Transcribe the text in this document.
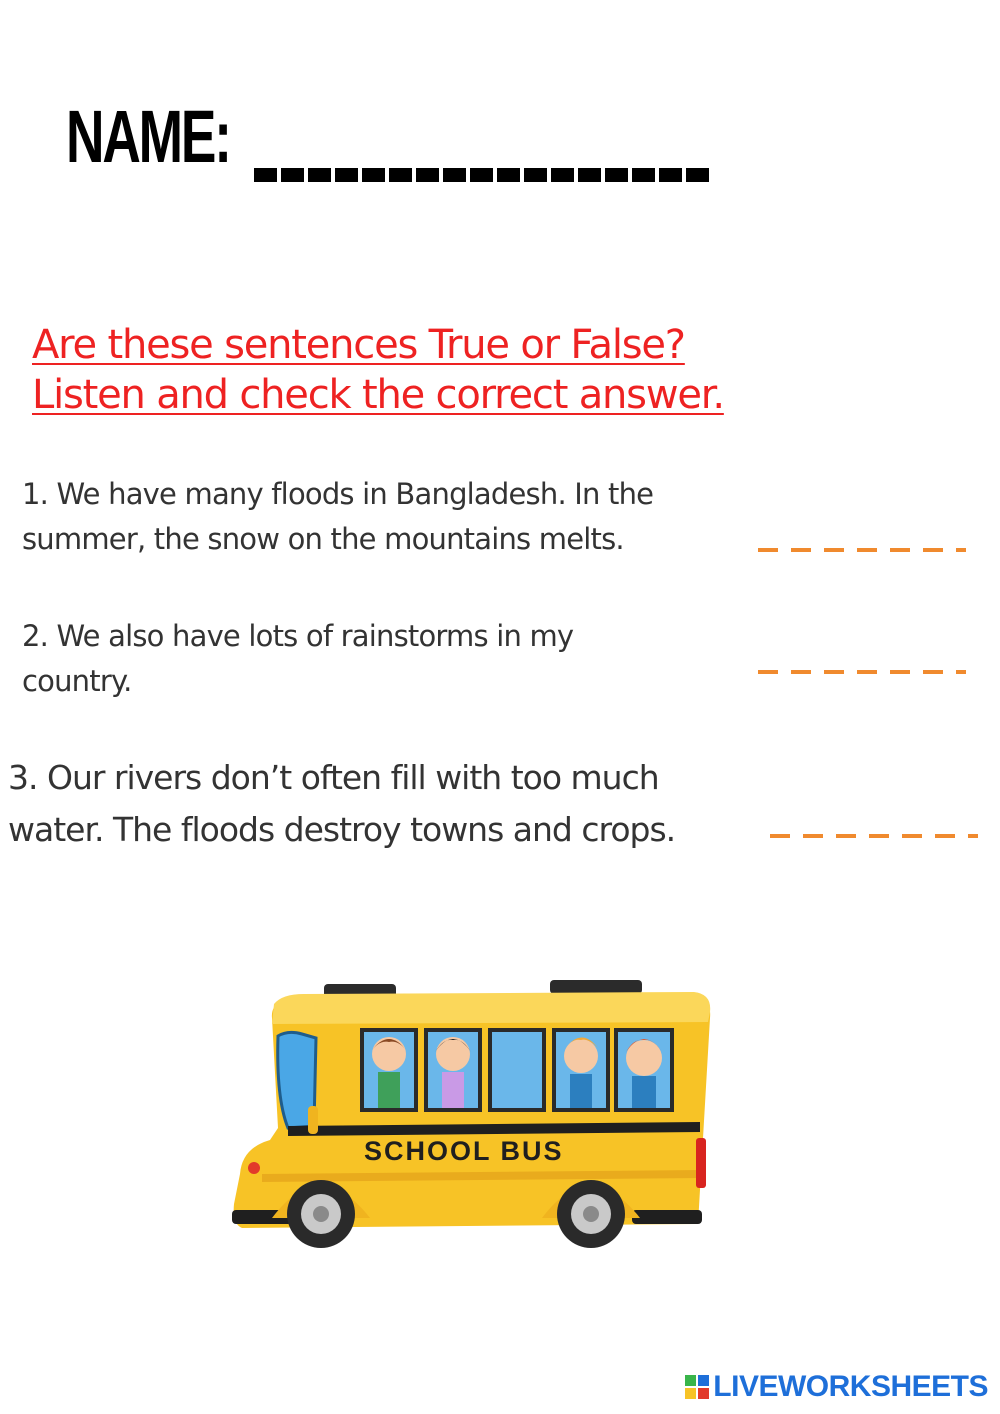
NAME:
Are these sentences True or False?
Listen and check the correct answer.
1. We have many floods in Bangladesh. In the
summer, the snow on the mountains melts.
2. We also have lots of rainstorms in my
country.
3. Our rivers don’t often fill with too much
water. The floods destroy towns and crops.
SCHOOL BUS
LIVEWORKSHEETS
